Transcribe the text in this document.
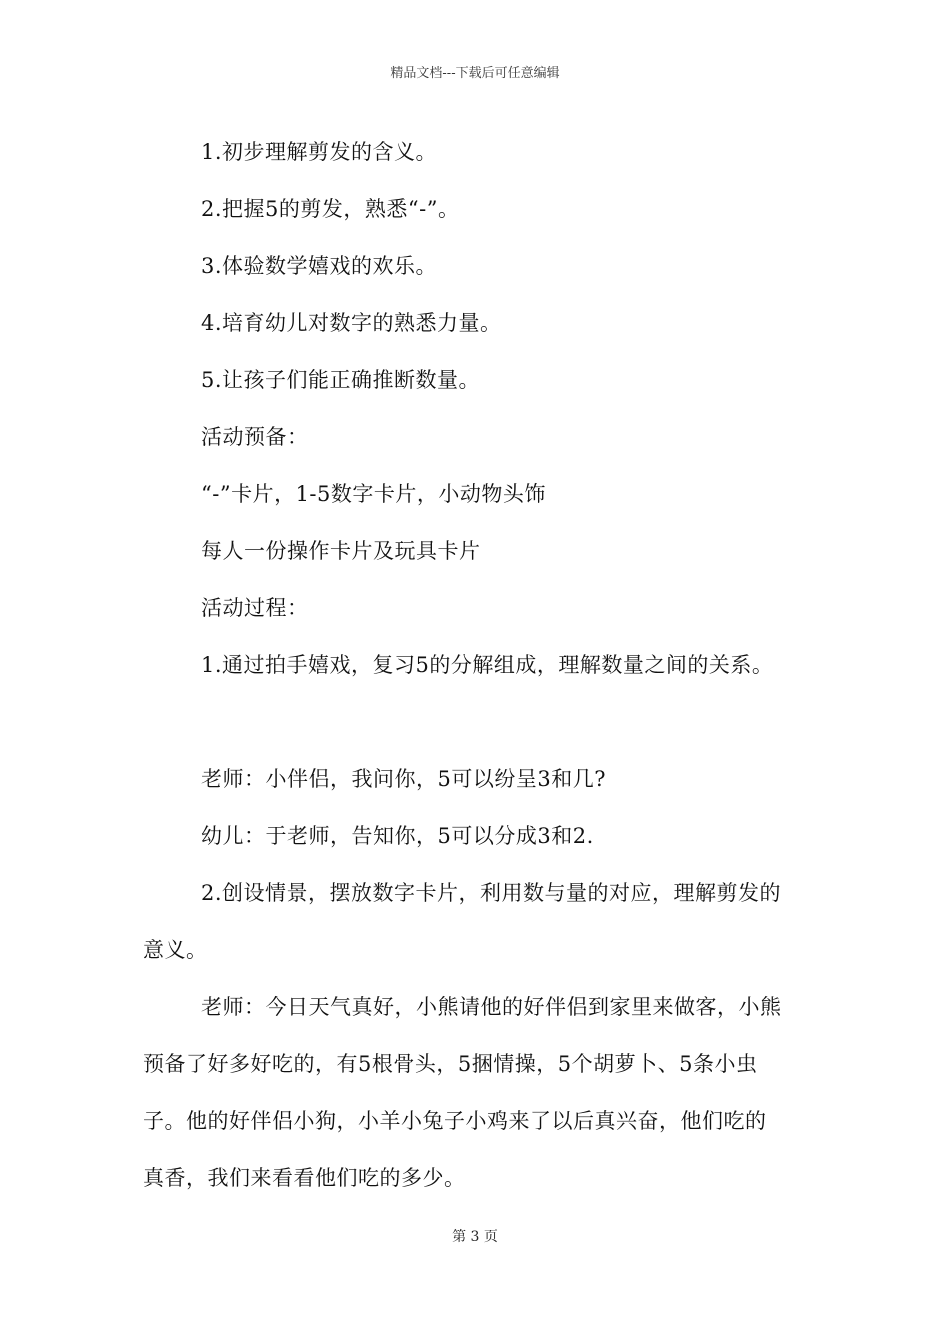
精品文档---下载后可任意编辑
1.初步理解剪发的含义。
2.把握5的剪发，熟悉“-”。
3.体验数学嬉戏的欢乐。
4.培育幼儿对数字的熟悉力量。
5.让孩子们能正确推断数量。
活动预备：
“-”卡片，1-5数字卡片，小动物头饰
每人一份操作卡片及玩具卡片
活动过程：
1.通过拍手嬉戏，复习5的分解组成，理解数量之间的关系。
老师：小伴侣，我问你，5可以纷呈3和几?
幼儿：于老师，告知你，5可以分成3和2.
2.创设情景，摆放数字卡片，利用数与量的对应，理解剪发的
意义。
老师：今日天气真好，小熊请他的好伴侣到家里来做客，小熊
预备了好多好吃的，有5根骨头，5捆情操，5个胡萝卜、5条小虫
子。他的好伴侣小狗，小羊小兔子小鸡来了以后真兴奋，他们吃的
真香，我们来看看他们吃的多少。
第 3 页
